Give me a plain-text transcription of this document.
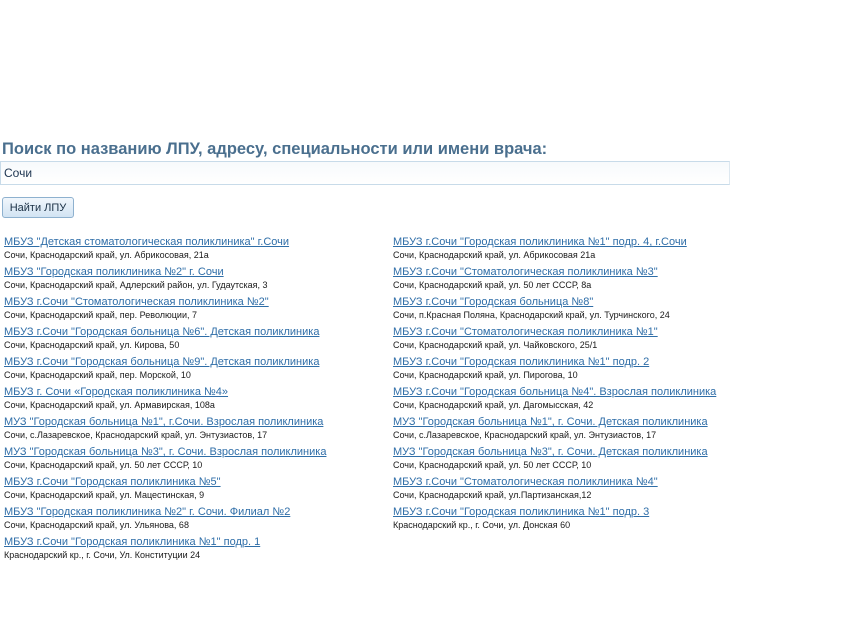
Поиск по названию ЛПУ, адресу, специальности или имени врача:
Сочи
Найти ЛПУ
МБУЗ "Детская стоматологическая поликлиника" г.Сочи
Сочи, Краснодарский край, ул. Абрикосовая, 21а
МБУЗ "Городская поликлиника №2" г. Сочи
Сочи, Краснодарский край, Адлерский район, ул. Гудаутская, 3
МБУЗ г.Сочи "Стоматологическая поликлиника №2"
Сочи, Краснодарский край, пер. Революции, 7
МБУЗ г.Сочи "Городская больница №6". Детская поликлиника
Сочи, Краснодарский край, ул. Кирова, 50
МБУЗ г.Сочи "Городская больница №9". Детская поликлиника
Сочи, Краснодарский край, пер. Морской, 10
МБУЗ г. Сочи «Городская поликлиника №4»
Сочи, Краснодарский край, ул. Армавирская, 108а
МУЗ "Городская больница №1", г.Сочи. Взрослая поликлиника
Сочи, с.Лазаревское, Краснодарский край, ул. Энтузиастов, 17
МУЗ "Городская больница №3", г. Сочи. Взрослая поликлиника
Сочи, Краснодарский край, ул. 50 лет СССР, 10
МБУЗ г.Сочи "Городская поликлиника №5"
Сочи, Краснодарский край, ул. Мацестинская, 9
МБУЗ "Городская поликлиника №2" г. Сочи. Филиал №2
Сочи, Краснодарский край, ул. Ульянова, 68
МБУЗ г.Сочи "Городская поликлиника №1" подр. 1
Краснодарский кр., г. Сочи, Ул. Конституции 24
МБУЗ г.Сочи "Городская поликлиника №1" подр. 4, г.Сочи
Сочи, Краснодарский край, ул. Абрикосовая 21а
МБУЗ г.Сочи "Стоматологическая поликлиника №3"
Сочи, Краснодарский край, ул. 50 лет СССР, 8а
МБУЗ г.Сочи "Городская больница №8"
Сочи, п.Красная Поляна, Краснодарский край, ул. Турчинского, 24
МБУЗ г.Сочи "Стоматологическая поликлиника №1"
Сочи, Краснодарский край, ул. Чайковского, 25/1
МБУЗ г.Сочи "Городская поликлиника №1" подр. 2
Сочи, Краснодарский край, ул. Пирогова, 10
МБУЗ г.Сочи "Городская больница №4". Взрослая поликлиника
Сочи, Краснодарский край, ул. Дагомысская, 42
МУЗ "Городская больница №1", г. Сочи. Детская поликлиника
Сочи, с.Лазаревское, Краснодарский край, ул. Энтузиастов, 17
МУЗ "Городская больница №3", г. Сочи. Детская поликлиника
Сочи, Краснодарский край, ул. 50 лет СССР, 10
МБУЗ г.Сочи "Стоматологическая поликлиника №4"
Сочи, Краснодарский край, ул.Партизанская,12
МБУЗ г.Сочи "Городская поликлиника №1" подр. 3
Краснодарский кр., г. Сочи, ул. Донская 60
